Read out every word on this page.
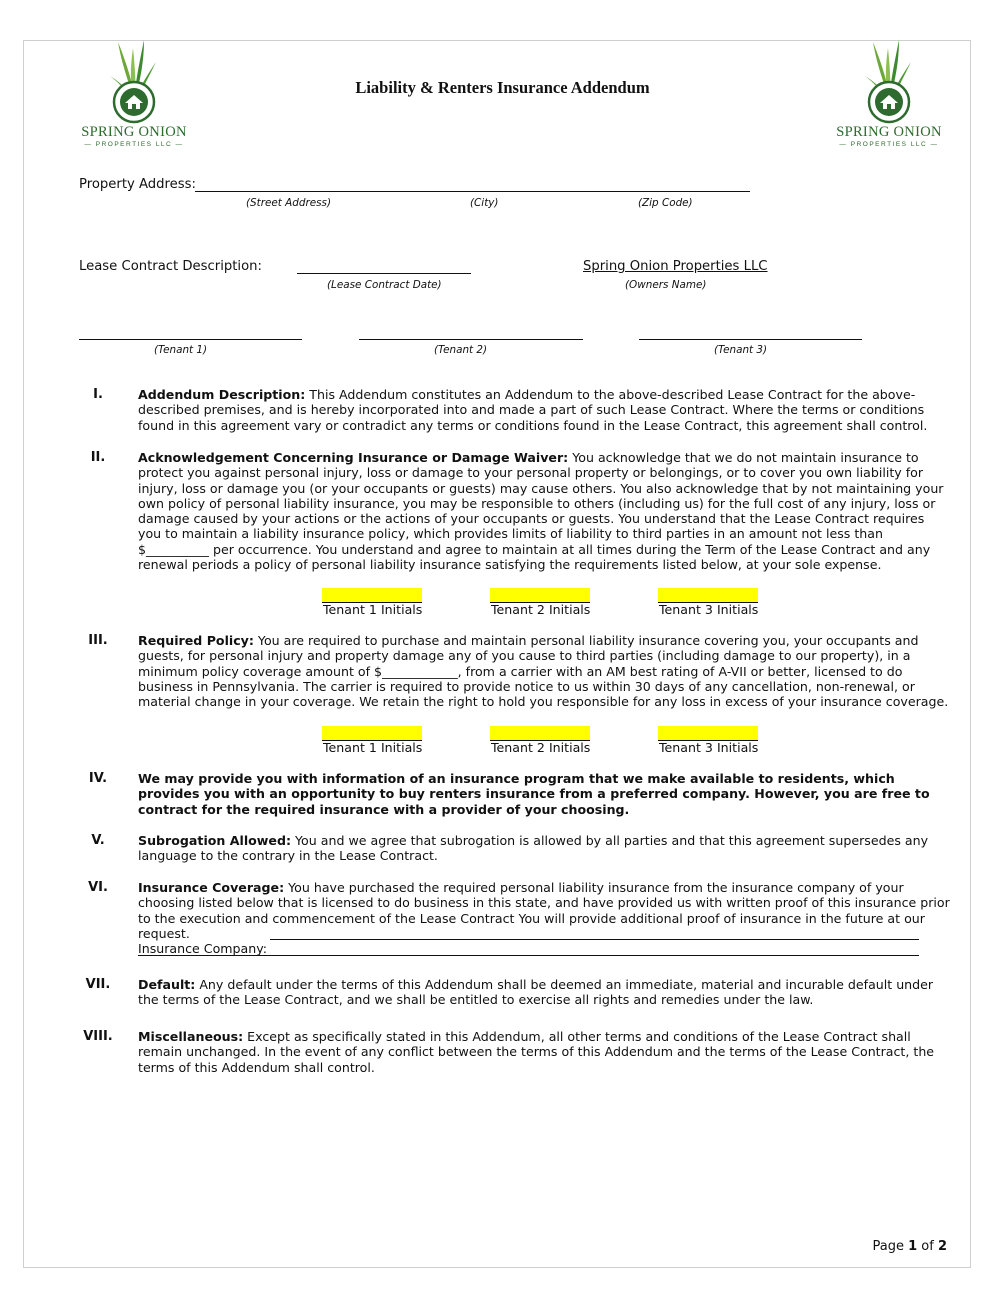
SPRING ONION
— PROPERTIES LLC —
SPRING ONION
— PROPERTIES LLC —
Liability & Renters Insurance Addendum
Property Address:
(Street Address)	(City)	(Zip Code)
Lease Contract Description:
(Lease Contract Date)
Spring Onion Properties LLC
(Owners Name)
(Tenant 1)	(Tenant 2)	(Tenant 3)
I.	Addendum Description: This Addendum constitutes an Addendum to the above-described Lease Contract for the above-described premises, and is hereby incorporated into and made a part of such Lease Contract. Where the terms or conditions found in this agreement vary or contradict any terms or conditions found in the Lease Contract, this agreement shall control.
II.	Acknowledgement Concerning Insurance or Damage Waiver: You acknowledge that we do not maintain insurance to protect you against personal injury, loss or damage to your personal property or belongings, or to cover you own liability for injury, loss or damage you (or your occupants or guests) may cause others. You also acknowledge that by not maintaining your own policy of personal liability insurance, you may be responsible to others (including us) for the full cost of any injury, loss or damage caused by your actions or the actions of your occupants or guests. You understand that the Lease Contract requires you to maintain a liability insurance policy, which provides limits of liability to third parties in an amount not less than $__________ per occurrence. You understand and agree to maintain at all times during the Term of the Lease Contract and any renewal periods a policy of personal liability insurance satisfying the requirements listed below, at your sole expense.
Tenant 1 Initials	Tenant 2 Initials	Tenant 3 Initials
III.	Required Policy: You are required to purchase and maintain personal liability insurance covering you, your occupants and guests, for personal injury and property damage any of you cause to third parties (including damage to our property), in a minimum policy coverage amount of $____________, from a carrier with an AM best rating of A-VII or better, licensed to do business in Pennsylvania. The carrier is required to provide notice to us within 30 days of any cancellation, non-renewal, or material change in your coverage. We retain the right to hold you responsible for any loss in excess of your insurance coverage.
Tenant 1 Initials	Tenant 2 Initials	Tenant 3 Initials
IV.	We may provide you with information of an insurance program that we make available to residents, which provides you with an opportunity to buy renters insurance from a preferred company. However, you are free to contract for the required insurance with a provider of your choosing.
V.	Subrogation Allowed: You and we agree that subrogation is allowed by all parties and that this agreement supersedes any language to the contrary in the Lease Contract.
VI.	Insurance Coverage: You have purchased the required personal liability insurance from the insurance company of your choosing listed below that is licensed to do business in this state, and have provided us with written proof of this insurance prior to the execution and commencement of the Lease Contract You will provide additional proof of insurance in the future at our request.
Insurance Company:
VII.	Default: Any default under the terms of this Addendum shall be deemed an immediate, material and incurable default under the terms of the Lease Contract, and we shall be entitled to exercise all rights and remedies under the law.
VIII.	Miscellaneous: Except as specifically stated in this Addendum, all other terms and conditions of the Lease Contract shall remain unchanged. In the event of any conflict between the terms of this Addendum and the terms of the Lease Contract, the terms of this Addendum shall control.
Page 1 of 2
